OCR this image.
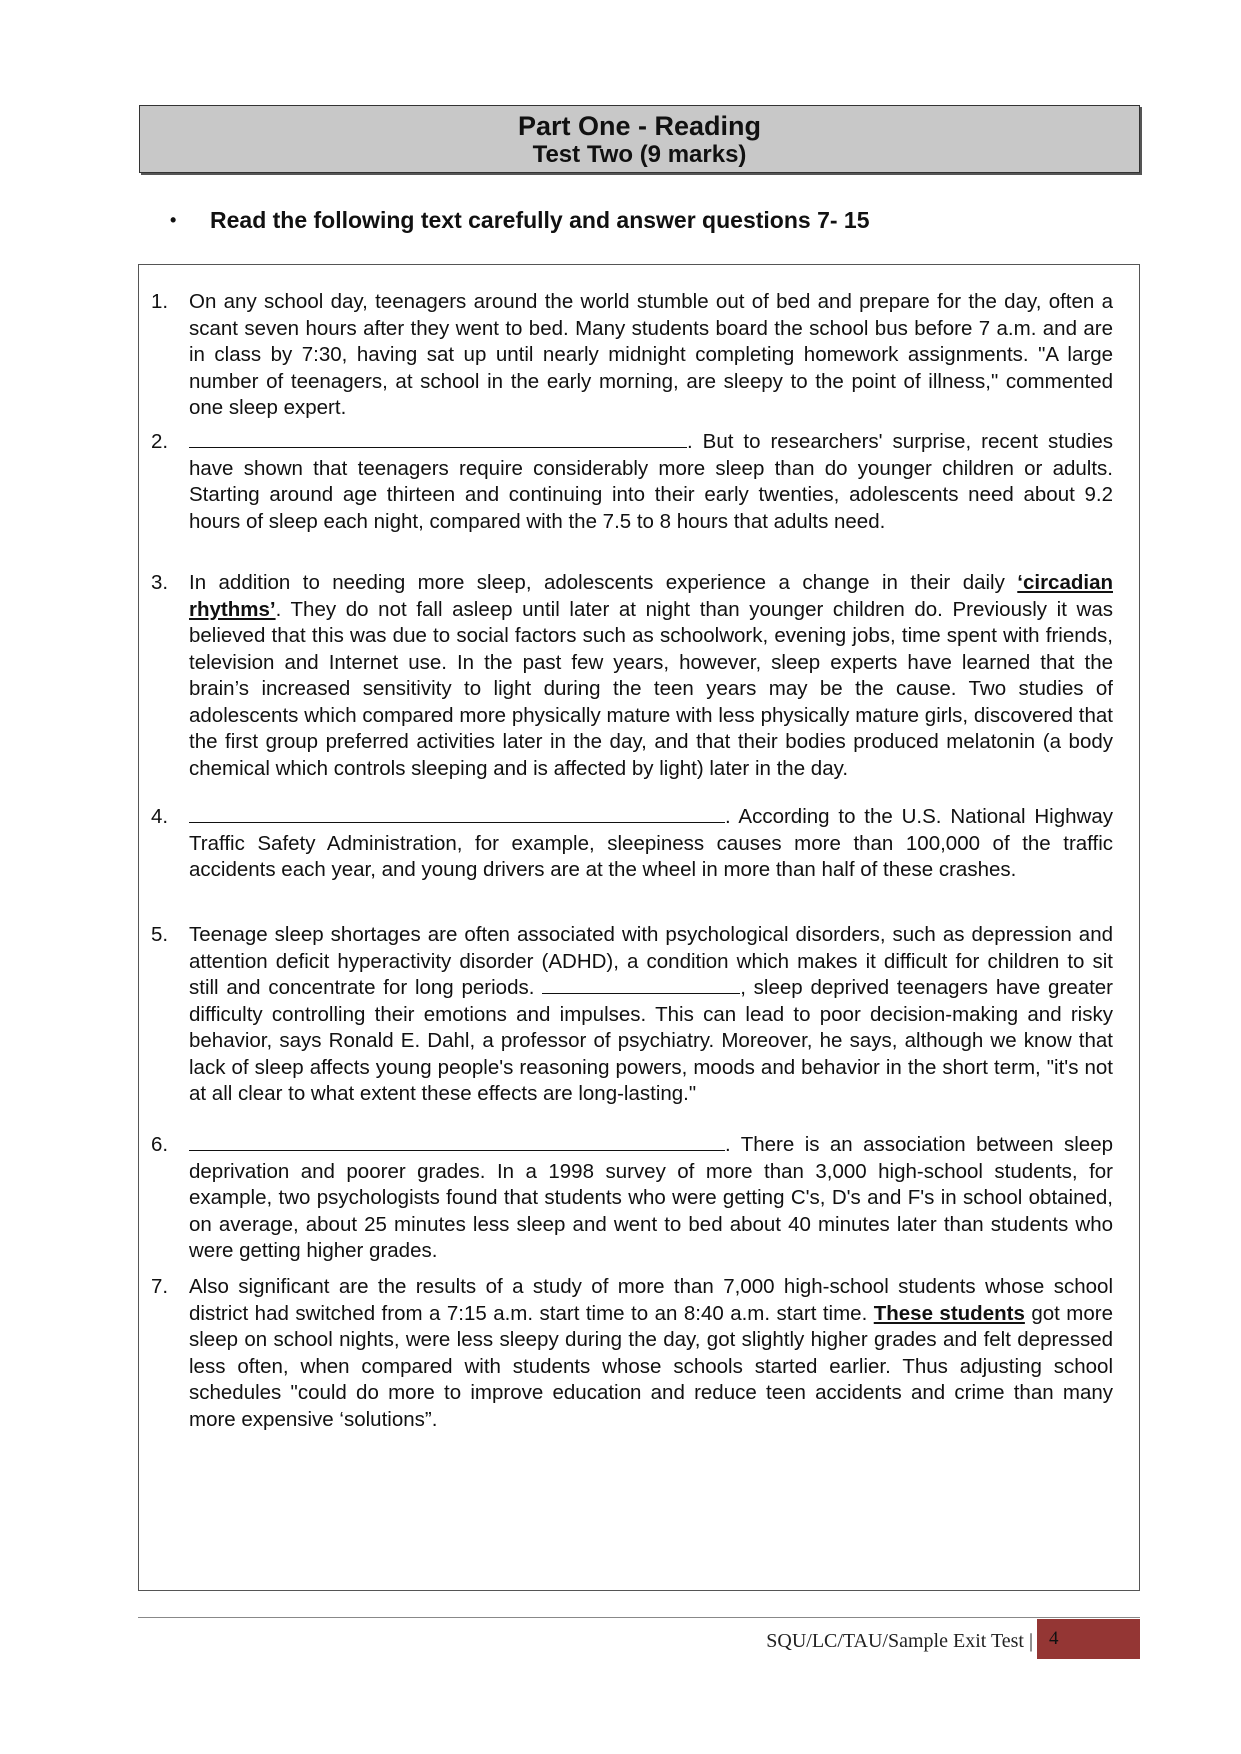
Part One - Reading
Test Two (9 marks)
•	Read the following text carefully and answer questions 7- 15
1.	On any school day, teenagers around the world stumble out of bed and prepare for the day, often a scant seven hours after they went to bed. Many students board the school bus before 7 a.m. and are in class by 7:30, having sat up until nearly midnight completing homework assignments. "A large number of teenagers, at school in the early morning, are sleepy to the point of illness," commented one sleep expert.
2.	. But to researchers' surprise, recent studies have shown that teenagers require considerably more sleep than do younger children or adults. Starting around age thirteen and continuing into their early twenties, adolescents need about 9.2 hours of sleep each night, compared with the 7.5 to 8 hours that adults need.
3.	In addition to needing more sleep, adolescents experience a change in their daily ‘circadian rhythms’. They do not fall asleep until later at night than younger children do. Previously it was believed that this was due to social factors such as schoolwork, evening jobs, time spent with friends, television and Internet use. In the past few years, however, sleep experts have learned that the brain’s increased sensitivity to light during the teen years may be the cause. Two studies of adolescents which compared more physically mature with less physically mature girls, discovered that the first group preferred activities later in the day, and that their bodies produced melatonin (a body chemical which controls sleeping and is affected by light) later in the day.
4.	. According to the U.S. National Highway Traffic Safety Administration, for example, sleepiness causes more than 100,000 of the traffic accidents each year, and young drivers are at the wheel in more than half of these crashes.
5.	Teenage sleep shortages are often associated with psychological disorders, such as depression and attention deficit hyperactivity disorder (ADHD), a condition which makes it difficult for children to sit still and concentrate for long periods.	, sleep deprived teenagers have greater difficulty controlling their emotions and impulses. This can lead to poor decision-making and risky behavior, says Ronald E. Dahl, a professor of psychiatry. Moreover, he says, although we know that lack of sleep affects young people's reasoning powers, moods and behavior in the short term, "it's not at all clear to what extent these effects are long-lasting."
6.	. There is an association between sleep deprivation and poorer grades. In a 1998 survey of more than 3,000 high-school students, for example, two psychologists found that students who were getting C's, D's and F's in school obtained, on average, about 25 minutes less sleep and went to bed about 40 minutes later than students who were getting higher grades.
7.	Also significant are the results of a study of more than 7,000 high-school students whose school district had switched from a 7:15 a.m. start time to an 8:40 a.m. start time. These students got more sleep on school nights, were less sleepy during the day, got slightly higher grades and felt depressed less often, when compared with students whose schools started earlier. Thus adjusting school schedules "could do more to improve education and reduce teen accidents and crime than many more expensive ‘solutions”.
SQU/LC/TAU/Sample Exit Test | 4
